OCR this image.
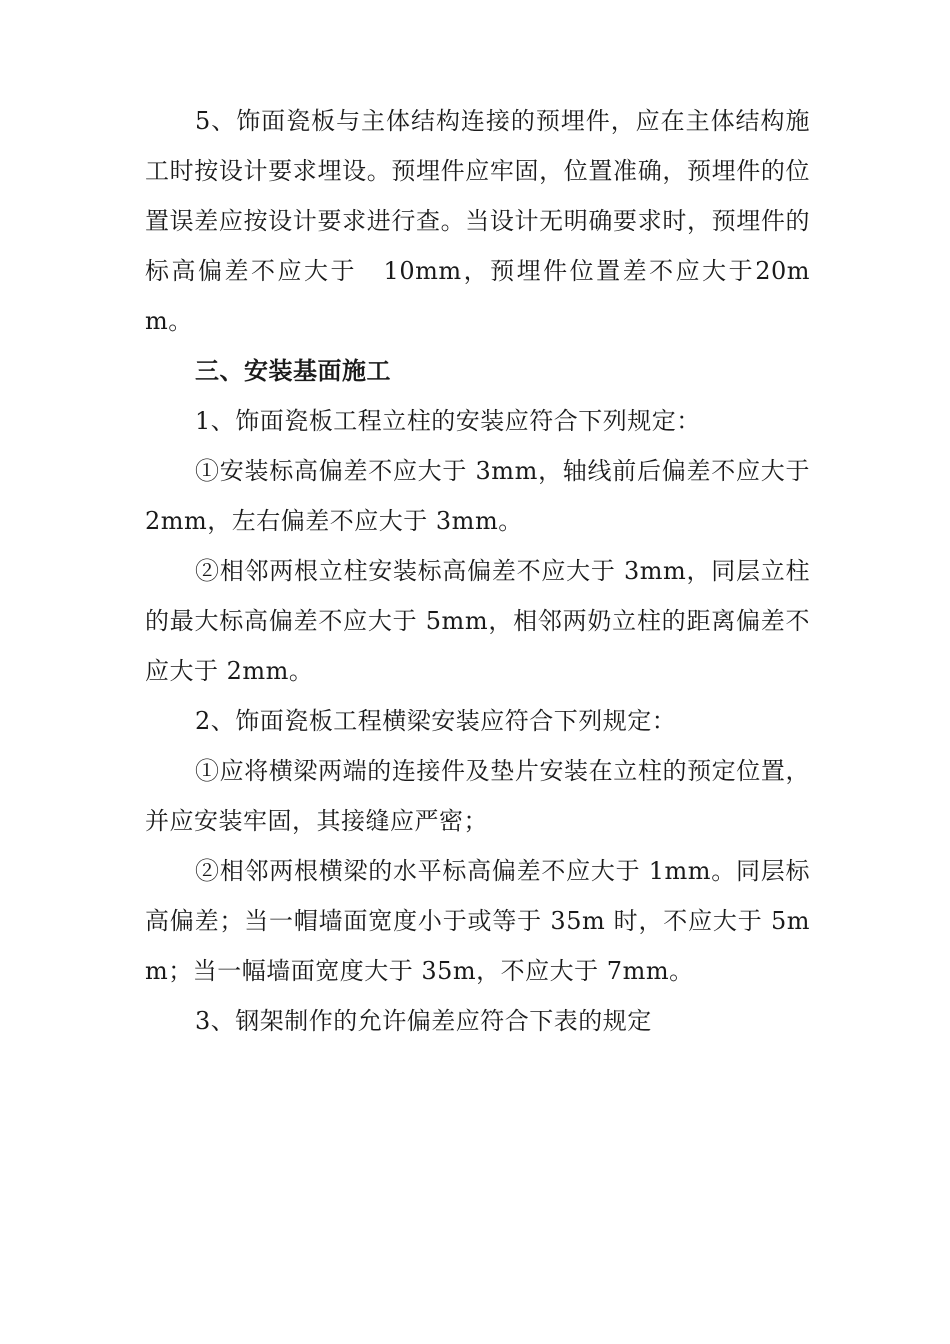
5、饰面瓷板与主体结构连接的预埋件，应在主体结构施工时按设计要求埋设。预埋件应牢固，位置准确，预埋件的位置误差应按设计要求进行查。当设计无明确要求时，预埋件的标高偏差不应大于　10mm，预埋件位置差不应大于20mm。

三、安装基面施工

1、饰面瓷板工程立柱的安装应符合下列规定：

①安装标高偏差不应大于 3mm，轴线前后偏差不应大于2mm，左右偏差不应大于 3mm。

②相邻两根立柱安装标高偏差不应大于 3mm，同层立柱的最大标高偏差不应大于 5mm，相邻两奶立柱的距离偏差不应大于 2mm。

2、饰面瓷板工程横梁安装应符合下列规定：

①应将横梁两端的连接件及垫片安装在立柱的预定位置，并应安装牢固，其接缝应严密；

②相邻两根横梁的水平标高偏差不应大于 1mm。同层标高偏差；当一帽墙面宽度小于或等于 35m 时，不应大于 5mm；当一幅墙面宽度大于 35m，不应大于 7mm。

3、钢架制作的允许偏差应符合下表的规定
